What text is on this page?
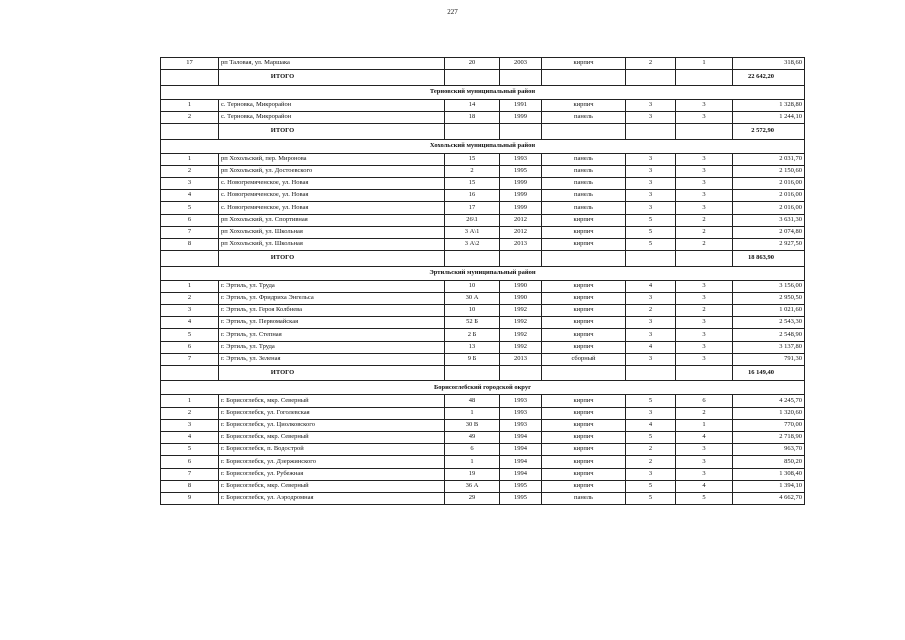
227
17	рп Таловая, ул. Маршака	20	2003	кирпич	2	1	318,60
	ИТОГО						22 642,20
Терновский муниципальный район							
1	с. Терновка, Микрорайон	14	1991	кирпич	3	3	1 328,80
2	с. Терновка, Микрорайон	18	1999	панель	3	3	1 244,10
	ИТОГО						2 572,90
Хохольский муниципальный район							
1	рп Хохольский, пер. Миронова	15	1993	панель	3	3	2 031,70
2	рп Хохольский, ул. Достоевского	2	1995	панель	3	3	2 150,60
3	с. Новогремяченское, ул. Новая	15	1999	панель	3	3	2 016,00
4	с. Новогремяченское, ул. Новая	16	1999	панель	3	3	2 016,00
5	с. Новогремяченское, ул. Новая	17	1999	панель	3	3	2 016,00
6	рп Хохольский, ул. Спортивная	26\1	2012	кирпич	5	2	3 631,30
7	рп Хохольский, ул. Школьная	3 А\1	2012	кирпич	5	2	2 074,80
8	рп Хохольский, ул. Школьная	3 А\2	2013	кирпич	5	2	2 927,50
	ИТОГО						18 863,90
Эртильский муниципальный район							
1	г. Эртиль, ул. Труда	10	1990	кирпич	4	3	3 156,00
2	г. Эртиль, ул. Фридриха Энгельса	30 А	1990	кирпич	3	3	2 950,50
3	г. Эртиль, ул. Героя Колбнева	10	1992	кирпич	2	2	1 021,60
4	г. Эртиль, ул. Первомайская	52 Б	1992	кирпич	3	3	2 543,30
5	г. Эртиль, ул. Степная	2 Б	1992	кирпич	3	3	2 548,90
6	г. Эртиль, ул. Труда	13	1992	кирпич	4	3	3 137,80
7	г. Эртиль, ул. Зеленая	9 Б	2013	сборный	3	3	791,30
	ИТОГО						16 149,40
Борисоглебский городской округ							
1	г. Борисоглебск, мкр. Северный	48	1993	кирпич	5	6	4 245,70
2	г. Борисоглебск, ул. Гоголевская	1	1993	кирпич	3	2	1 320,60
3	г. Борисоглебск, ул. Циолковского	30 В	1993	кирпич	4	1	770,00
4	г. Борисоглебск, мкр. Северный	49	1994	кирпич	5	4	2 718,90
5	г. Борисоглебск, п. Водострой	6	1994	кирпич	2	3	963,70
6	г. Борисоглебск, ул. Дзержинского	1	1994	кирпич	2	3	850,20
7	г. Борисоглебск, ул. Рубежная	19	1994	кирпич	3	3	1 308,40
8	г. Борисоглебск, мкр. Северный	36 А	1995	кирпич	5	4	1 394,10
9	г. Борисоглебск, ул. Аэродромная	29	1995	панель	5	5	4 662,70
